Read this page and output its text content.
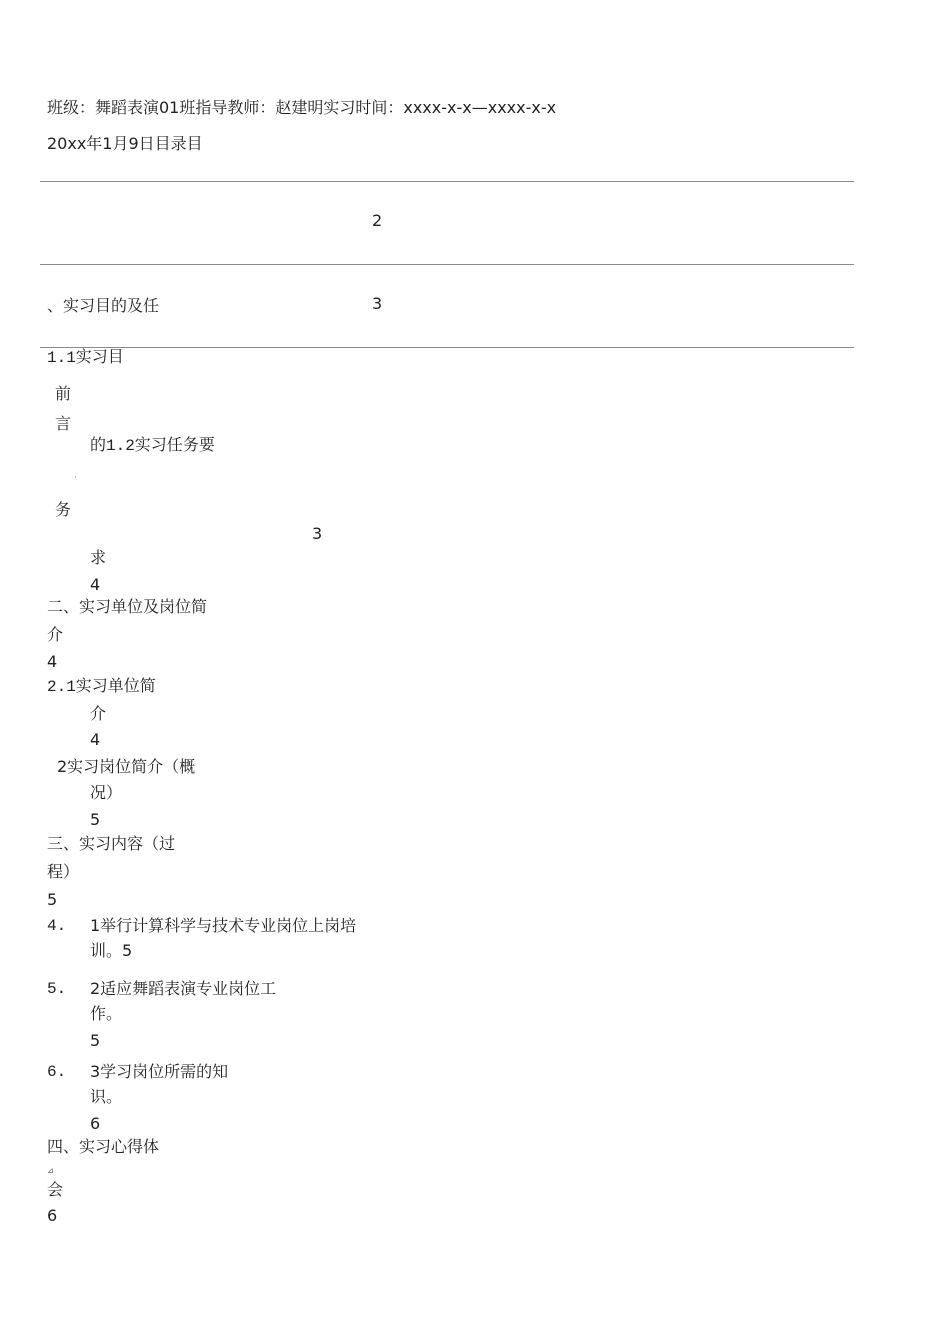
班级：舞蹈表演01班指导教师：赵建明实习时间：xxxx-x-x—xxxx-x-x
20xx年1月9日目录目
2
、实习目的及任	3
1.1实习目
前
言
的1.2实习任务要
·
务
3
求
4
二、实习单位及岗位简
介
4
2.1实习单位简
介
4
2实习岗位简介（概
况）
5
三、实习内容（过
程）
5
4. 1举行计算科学与技术专业岗位上岗培
训。5
5. 2适应舞蹈表演专业岗位工
作。
5
6. 3学习岗位所需的知
识。
6
四、实习心得体
⊿
会
6
